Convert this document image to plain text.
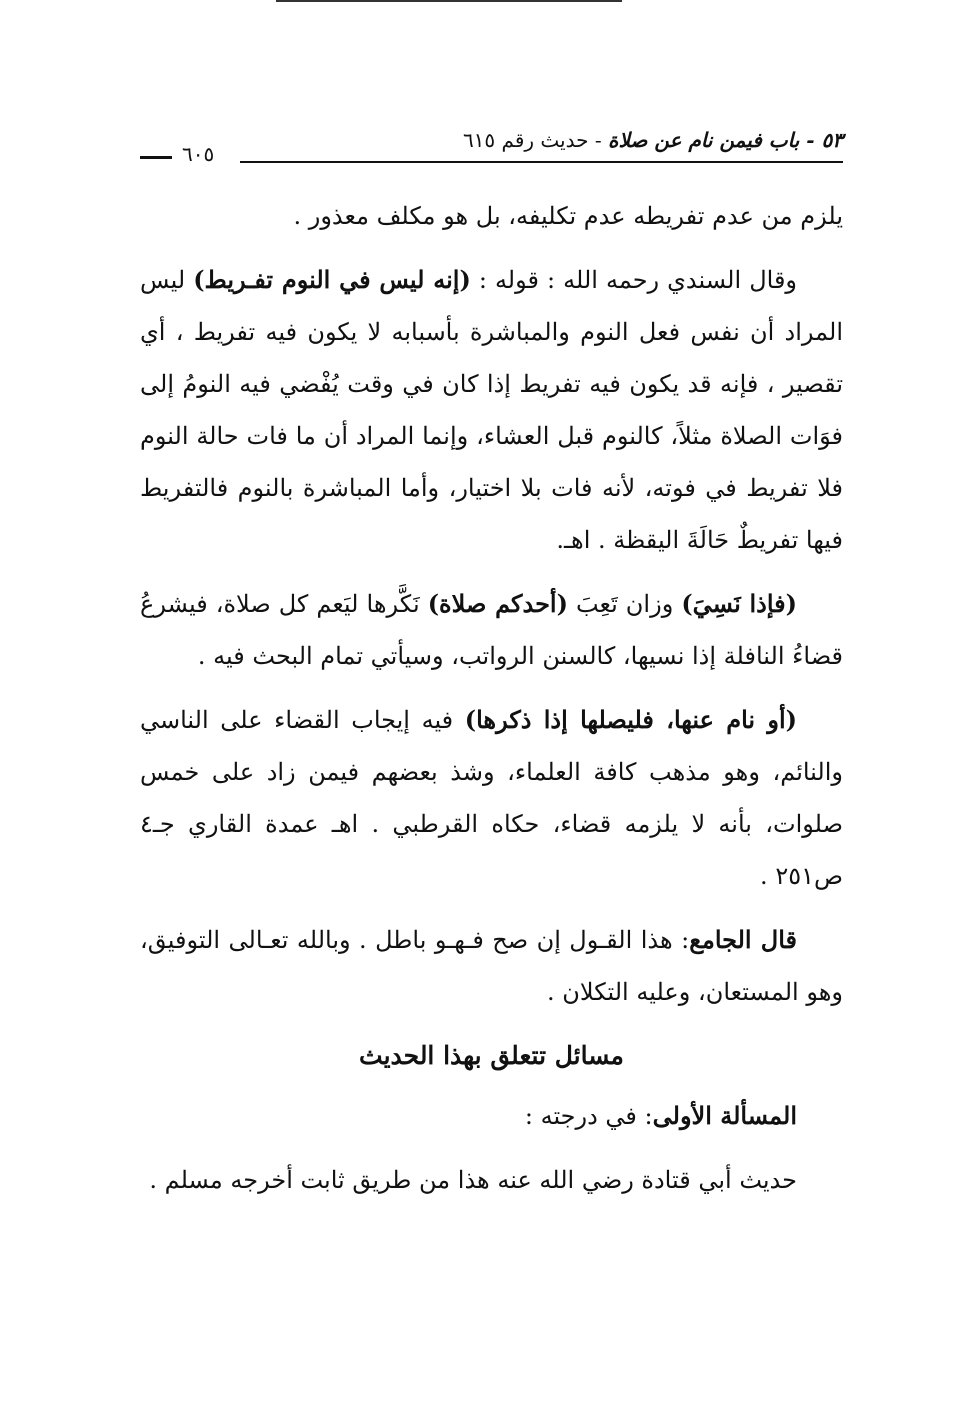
٥٣ - باب فيمن نام عن صلاة - حديث رقم ٦١٥
٦٠٥

يلزم من عدم تفريطه عدم تكليفه، بل هو مكلف معذور .

وقال السندي رحمه الله : قوله : (إنه ليس في النوم تفـريط) ليس المراد أن نفس فعل النوم والمباشرة بأسبابه لا يكون فيه تفريط ، أي تقصير ، فإنه قد يكون فيه تفريط إذا كان في وقت يُفْضي فيه النومُ إلى فوَات الصلاة مثلاً، كالنوم قبل العشاء، وإنما المراد أن ما فات حالة النوم فلا تفريط في فوته، لأنه فات بلا اختيار، وأما المباشرة بالنوم فالتفريط فيها تفريطٌ حَالَةَ اليقظة . اهـ.

(فإذا نَسِيَ) وزان تَعِبَ (أحدكم صلاة) نَكَّرها ليَعم كل صلاة، فيشرعُ قضاءُ النافلة إذا نسيها، كالسنن الرواتب، وسيأتي تمام البحث فيه .

(أو نام عنها، فليصلها إذا ذكرها) فيه إيجاب القضاء على الناسي والنائم، وهو مذهب كافة العلماء، وشذ بعضهم فيمن زاد على خمس صلوات، بأنه لا يلزمه قضاء، حكاه القرطبي . اهـ عمدة القاري جـ٤ ص٢٥١ .

قال الجامع: هذا القـول إن صح فـهـو باطل . وبالله تعـالى التوفيق، وهو المستعان، وعليه التكلان .

مسائل تتعلق بهذا الحديث

المسألة الأولى: في درجته :

حديث أبي قتادة رضي الله عنه هذا من طريق ثابت أخرجه مسلم .
